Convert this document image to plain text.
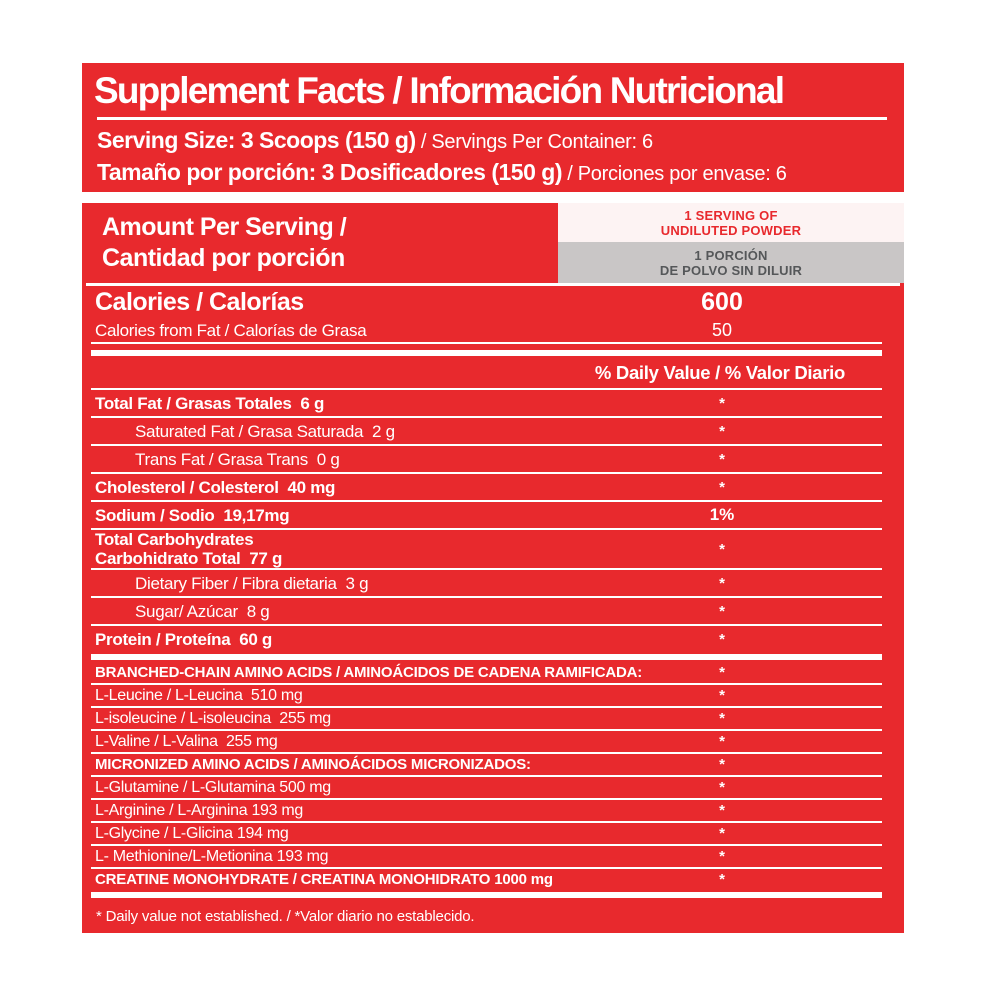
Supplement Facts / Información Nutricional
Serving Size: 3 Scoops (150 g) / Servings Per Container: 6
Tamaño por porción: 3 Dosificadores (150 g) / Porciones por envase: 6
Amount Per Serving /
Cantidad por porción
1 SERVING OF
UNDILUTED POWDER
1 PORCIÓN
DE POLVO SIN DILUIR
Calories / Calorías	600
Calories from Fat / Calorías de Grasa	50
% Daily Value / % Valor Diario
Total Fat / Grasas Totales  6 g	*
Saturated Fat / Grasa Saturada  2 g	*
Trans Fat / Grasa Trans  0 g	*
Cholesterol / Colesterol  40 mg	*
Sodium / Sodio  19,17mg	1%
Total Carbohydrates
Carbohidrato Total  77 g	*
Dietary Fiber / Fibra dietaria  3 g	*
Sugar/ Azúcar  8 g	*
Protein / Proteína  60 g	*
BRANCHED-CHAIN AMINO ACIDS / AMINOÁCIDOS DE CADENA RAMIFICADA:	*
L-Leucine / L-Leucina  510 mg	*
L-isoleucine / L-isoleucina  255 mg	*
L-Valine / L-Valina  255 mg	*
MICRONIZED AMINO ACIDS / AMINOÁCIDOS MICRONIZADOS:	*
L-Glutamine / L-Glutamina 500 mg	*
L-Arginine / L-Arginina 193 mg	*
L-Glycine / L-Glicina 194 mg	*
L- Methionine/L-Metionina 193 mg	*
CREATINE MONOHYDRATE / CREATINA MONOHIDRATO 1000 mg	*
* Daily value not established. / *Valor diario no establecido.
